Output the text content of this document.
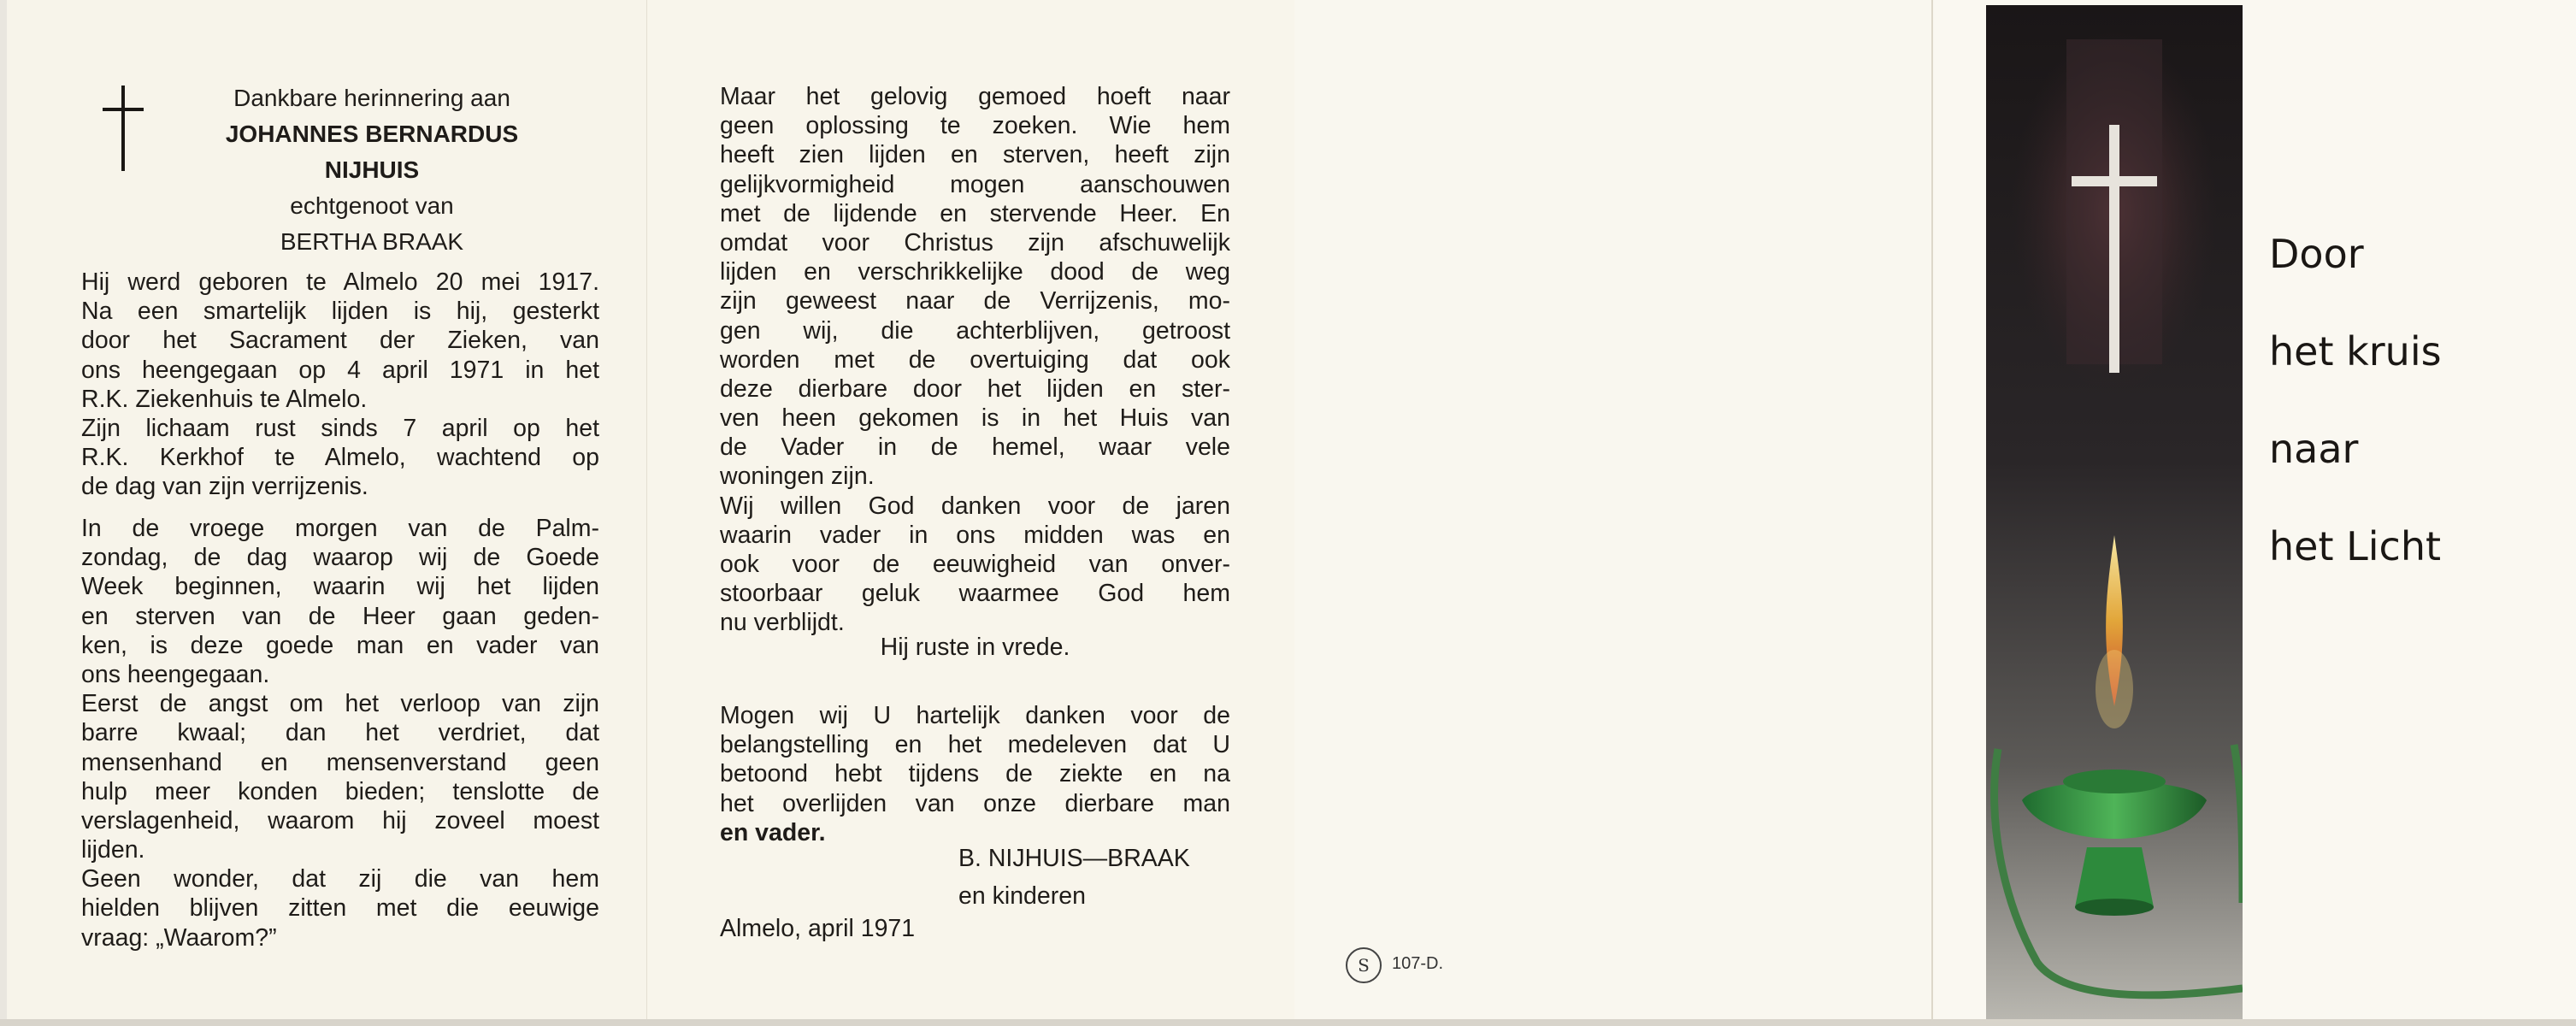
Dankbare herinnering aan
JOHANNES BERNARDUS
NIJHUIS
echtgenoot van
BERTHA BRAAK
Hij werd geboren te Almelo 20 mei 1917.
Na een smartelijk lijden is hij, gesterkt
door het Sacrament der Zieken, van
ons heengegaan op 4 april 1971 in het
R.K. Ziekenhuis te Almelo.
Zijn lichaam rust sinds 7 april op het
R.K. Kerkhof te Almelo, wachtend op
de dag van zijn verrijzenis.
In de vroege morgen van de Palm-
zondag, de dag waarop wij de Goede
Week beginnen, waarin wij het lijden
en sterven van de Heer gaan geden-
ken, is deze goede man en vader van
ons heengegaan.
Eerst de angst om het verloop van zijn
barre kwaal; dan het verdriet, dat
mensenhand en mensenverstand geen
hulp meer konden bieden; tenslotte de
verslagenheid, waarom hij zoveel moest
lijden.
Geen wonder, dat zij die van hem
hielden blijven zitten met die eeuwige
vraag: „Waarom?”
Maar het gelovig gemoed hoeft naar
geen oplossing te zoeken. Wie hem
heeft zien lijden en sterven, heeft zijn
gelijkvormigheid mogen aanschouwen
met de lijdende en stervende Heer. En
omdat voor Christus zijn afschuwelijk
lijden en verschrikkelijke dood de weg
zijn geweest naar de Verrijzenis, mo-
gen wij, die achterblijven, getroost
worden met de overtuiging dat ook
deze dierbare door het lijden en ster-
ven heen gekomen is in het Huis van
de Vader in de hemel, waar vele
woningen zijn.
Wij willen God danken voor de jaren
waarin vader in ons midden was en
ook voor de eeuwigheid van onver-
stoorbaar geluk waarmee God hem
nu verblijdt.
Hij ruste in vrede.
Mogen wij U hartelijk danken voor de
belangstelling en het medeleven dat U
betoond hebt tijdens de ziekte en na
het overlijden van onze dierbare man
en vader.
B. NIJHUIS—BRAAK
en kinderen
Almelo, april 1971
S	107-D.
Door
het kruis
naar
het Licht
